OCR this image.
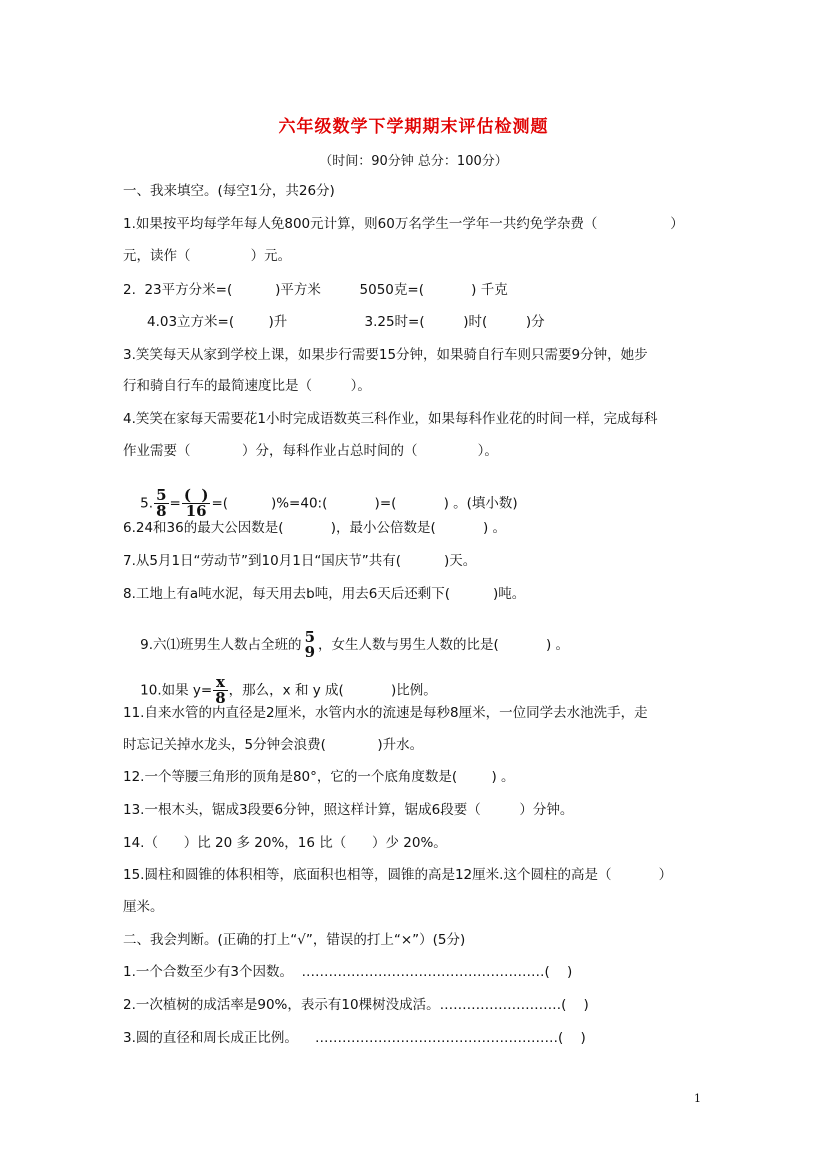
六年级数学下学期期末评估检测题
（时间：90分钟 总分：100分）
一、我来填空。(每空1分，共26分)
1.如果按平均每学年每人免800元计算，则60万名学生一学年一共约免学杂费（                 ）
元，读作（              ）元。
2.  23平方分米=(          )平方米         5050克=(           ) 千克
4.03立方米=(        )升                  3.25时=(         )时(         )分
3.笑笑每天从家到学校上课，如果步行需要15分钟，如果骑自行车则只需要9分钟，她步
行和骑自行车的最简速度比是（         ）。
4.笑笑在家每天需要花1小时完成语数英三科作业，如果每科作业花的时间一样，完成每科
作业需要（            ）分，每科作业占总时间的（              ）。

5. $\frac{5}{8} = \frac{( )}{16}$ =(          )%=40:(           )=(           ) 。(填小数)

6.24和36的最大公因数是(           )，最小公倍数是(           ) 。
7.从5月1日“劳动节”到10月1日“国庆节”共有(          )天。
8.工地上有a吨水泥，每天用去b吨，用去6天后还剩下(          )吨。

9.六⑴班男生人数占全班的 5
9 ，女生人数与男生人数的比是(           ) 。

10.如果 $y= \frac{x}{8}$ ，那么，x 和 y 成(           )比例。

11.自来水管的内直径是2厘米，水管内水的流速是每秒8厘米，一位同学去水池洗手，走
时忘记关掉水龙头，5分钟会浪费(            )升水。
12.一个等腰三角形的顶角是80°，它的一个底角度数是(        ) 。
13.一根木头，锯成3段要6分钟，照这样计算，锯成6段要（         ）分钟。
14.（      ）比 20 多 20%，16 比（      ）少 20%。
15.圆柱和圆锥的体积相等，底面积也相等，圆锥的高是12厘米.这个圆柱的高是（           ）
厘米。
二、我会判断。(正确的打上“√”，错误的打上“×”）(5分)
1.一个合数至少有3个因数。  ………………………………………………(    )
2.一次植树的成活率是90%，表示有10棵树没成活。………………………(    )
3.圆的直径和周长成正比例。    ………………………………………………(    )
1
